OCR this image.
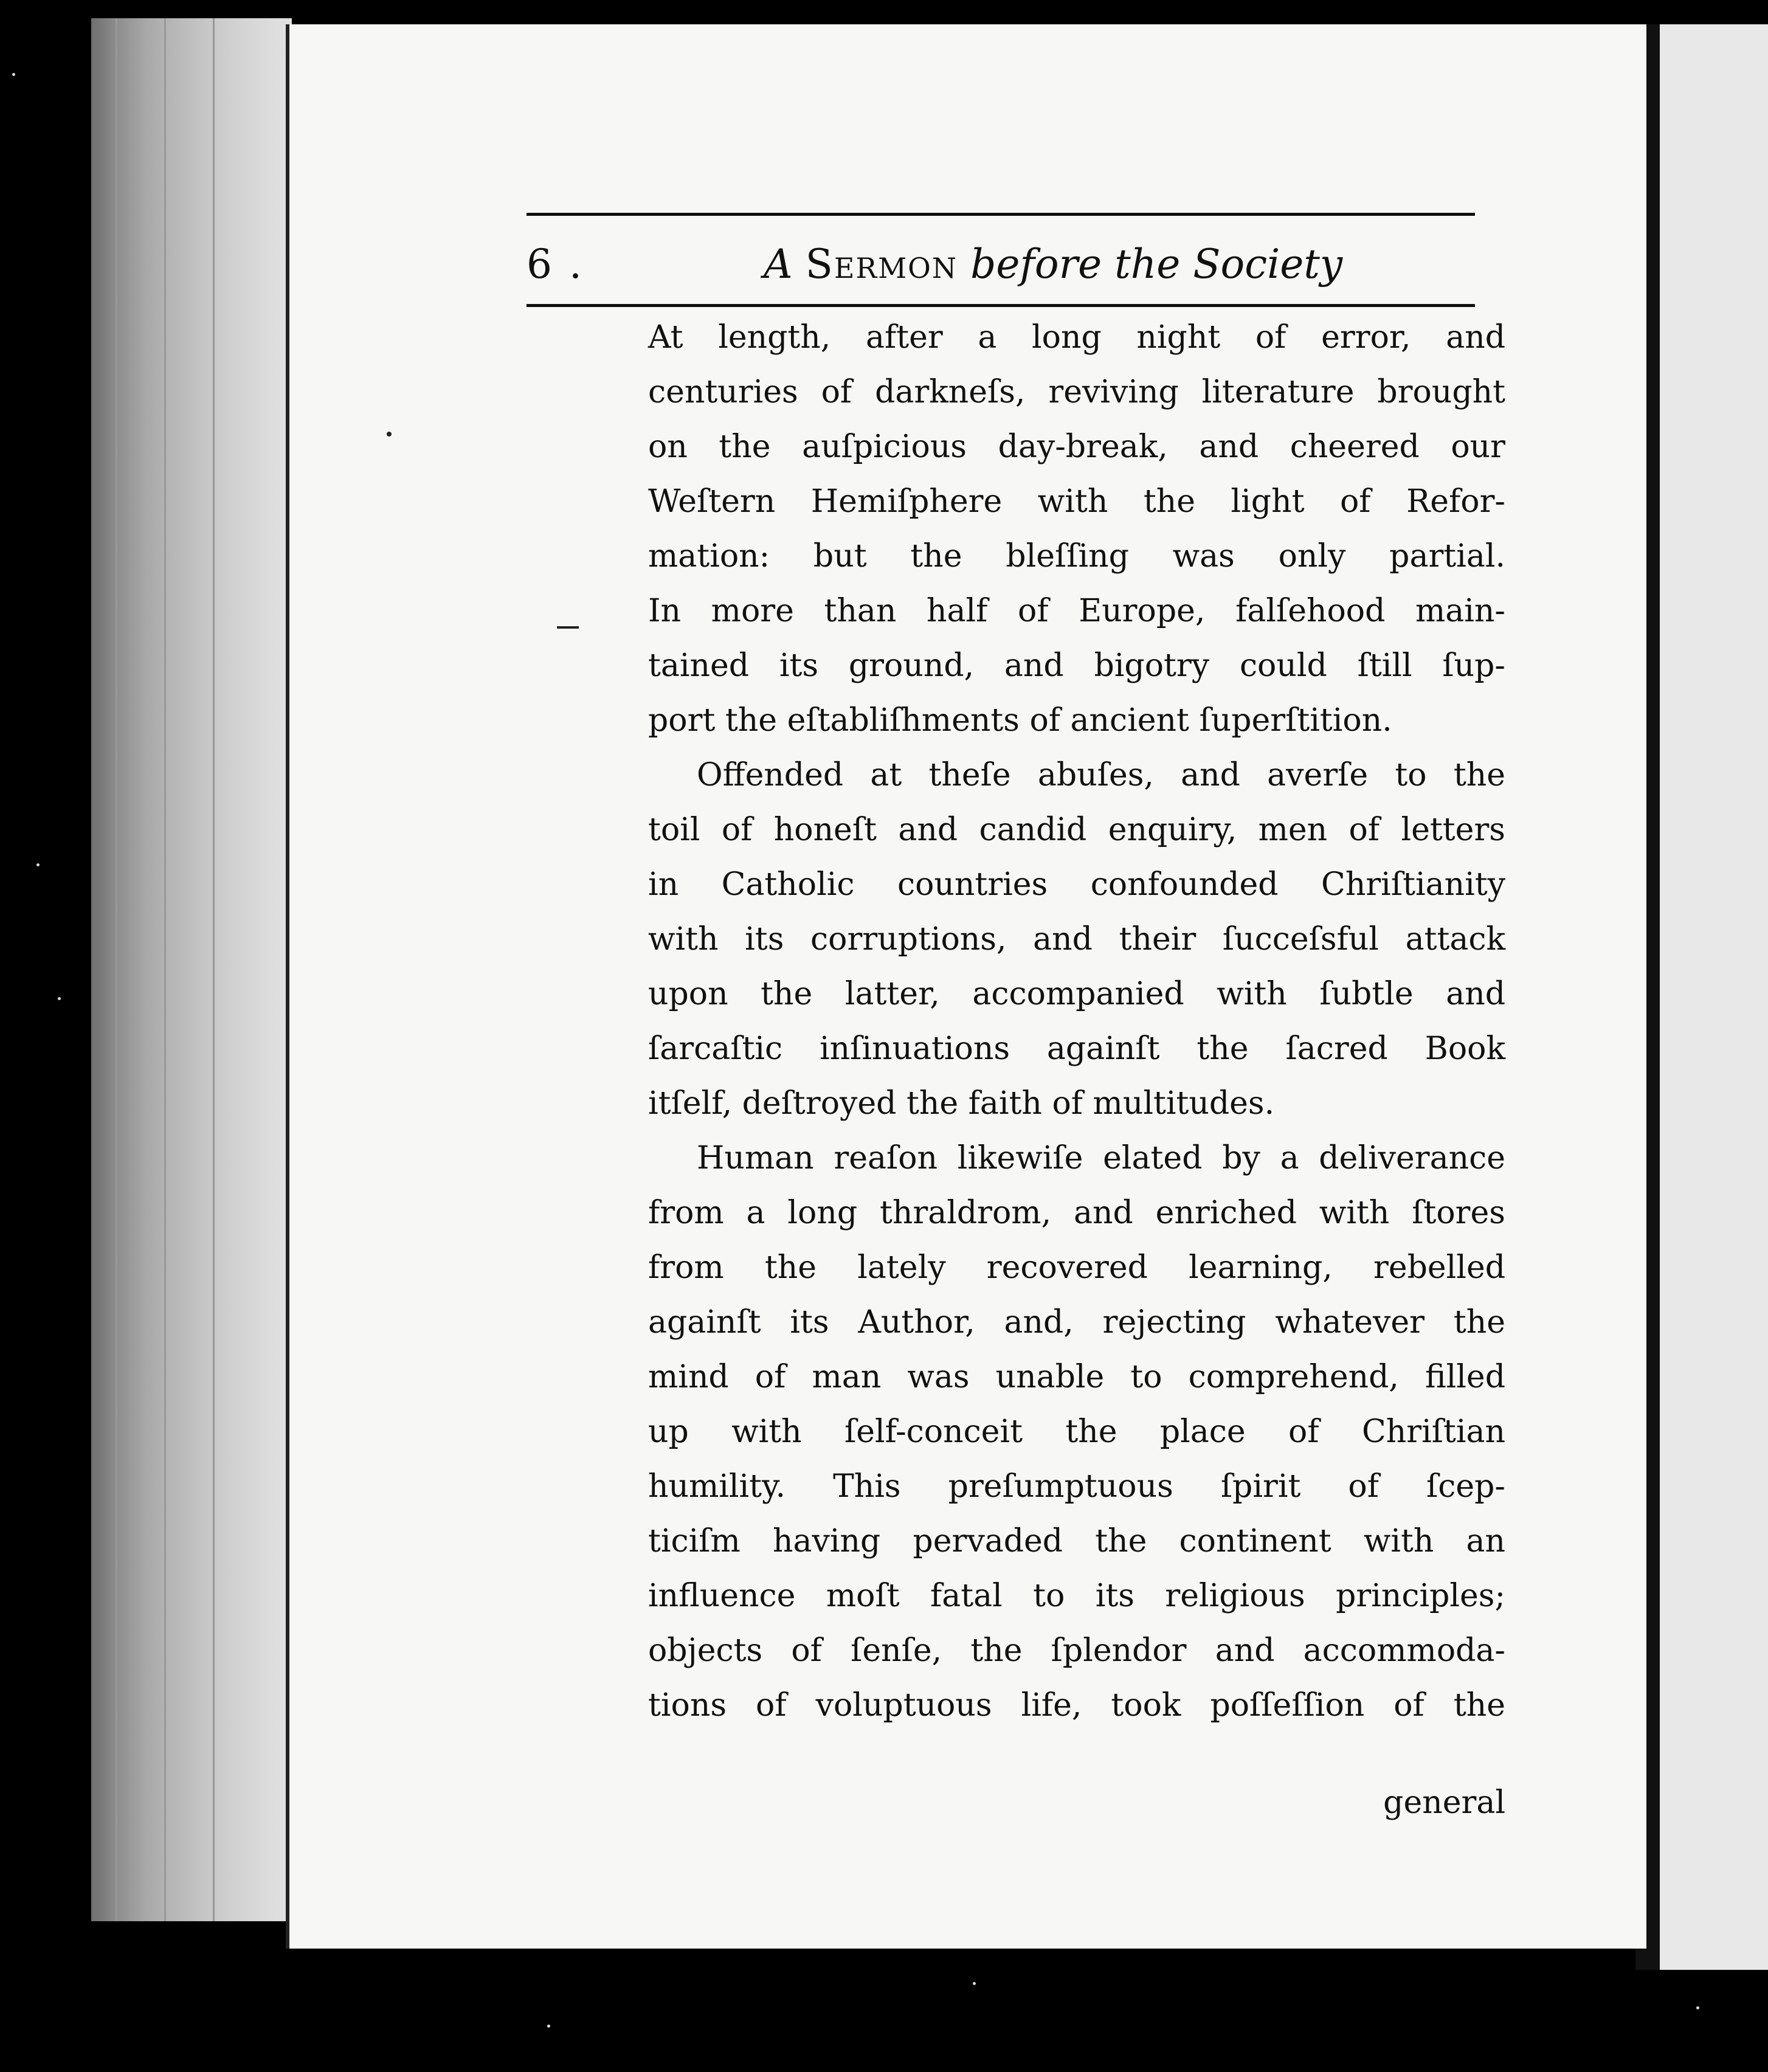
6 .	A Sermon before the Society
At length, after a long night of error, and
centuries of darkneſs, reviving literature brought
on the auſpicious day-break, and cheered our
Weſtern Hemiſphere with the light of Refor-
mation: but the bleſſing was only partial.
In more than half of Europe, falſehood main-
tained its ground, and bigotry could ſtill ſup-
port the eſtabliſhments of ancient ſuperſtition.
Offended at theſe abuſes, and averſe to the
toil of honeſt and candid enquiry, men of letters
in Catholic countries confounded Chriſtianity
with its corruptions, and their ſucceſsful attack
upon the latter, accompanied with ſubtle and
ſarcaſtic inſinuations againſt the ſacred Book
itſelf, deſtroyed the faith of multitudes.
Human reaſon likewiſe elated by a deliverance
from a long thraldrom, and enriched with ſtores
from the lately recovered learning, rebelled
againſt its Author, and, rejecting whatever the
mind of man was unable to comprehend, filled
up with ſelf-conceit the place of Chriſtian
humility. This preſumptuous ſpirit of ſcep-
ticiſm having pervaded the continent with an
influence moſt fatal to its religious principles;
objects of ſenſe, the ſplendor and accommoda-
tions of voluptuous life, took poſſeſſion of the
general
